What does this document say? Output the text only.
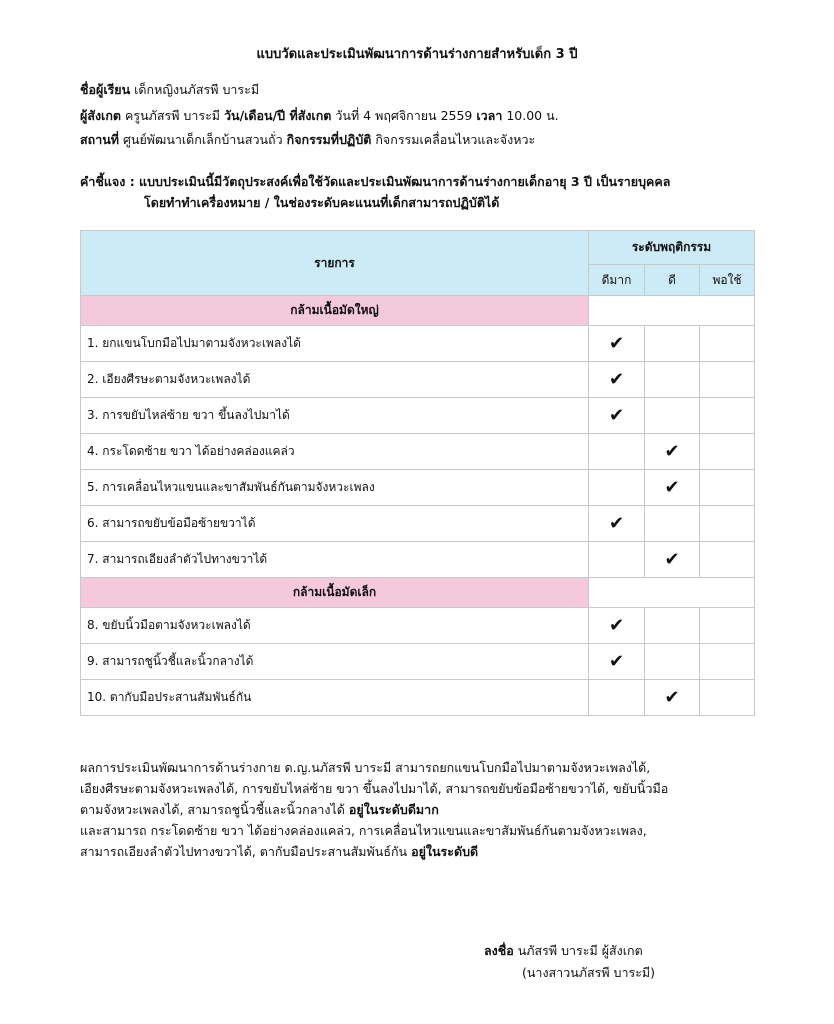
แบบวัดและประเมินพัฒนาการด้านร่างกายสำหรับเด็ก 3 ปี
ชื่อผู้เรียน เด็กหญิงนภัสรพี บาระมี
ผู้สังเกต ครูนภัสรพี บาระมี วัน/เดือน/ปี ที่สังเกต วันที่ 4 พฤศจิกายน 2559 เวลา 10.00 น.
สถานที่ ศูนย์พัฒนาเด็กเล็กบ้านสวนถั่ว กิจกรรมที่ปฏิบัติ กิจกรรมเคลื่อนไหวและจังหวะ
คำชี้แจง : แบบประเมินนี้มีวัตถุประสงค์เพื่อใช้วัดและประเมินพัฒนาการด้านร่างกายเด็กอายุ 3 ปี เป็นรายบุคคล
โดยทำทำเครื่องหมาย / ในช่องระดับคะแนนที่เด็กสามารถปฏิบัติได้
รายการ	ระดับพฤติกรรม		
	ดีมาก	ดี	พอใช้
กล้ามเนื้อมัดใหญ่			
1. ยกแขนโบกมือไปมาตามจังหวะเพลงได้	✔		
2. เอียงศีรษะตามจังหวะเพลงได้	✔		
3. การขยับไหล่ซ้าย ขวา ขึ้นลงไปมาได้	✔		
4. กระโดดซ้าย ขวา ได้อย่างคล่องแคล่ว		✔	
5. การเคลื่อนไหวแขนและขาสัมพันธ์กันตามจังหวะเพลง		✔	
6. สามารถขยับข้อมือซ้ายขวาได้	✔		
7. สามารถเอียงลำตัวไปทางขวาได้		✔	
กล้ามเนื้อมัดเล็ก			
8. ขยับนิ้วมือตามจังหวะเพลงได้	✔		
9. สามารถชูนิ้วชี้และนิ้วกลางได้	✔		
10. ตากับมือประสานสัมพันธ์กัน		✔	

ผลการประเมินพัฒนาการด้านร่างกาย ด.ญ.นภัสรพี บาระมี สามารถยกแขนโบกมือไปมาตามจังหวะเพลงได้,

เอียงศีรษะตามจังหวะเพลงได้, การขยับไหล่ซ้าย ขวา ขึ้นลงไปมาได้, สามารถขยับข้อมือซ้ายขวาได้, ขยับนิ้วมือ

ตามจังหวะเพลงได้, สามารถชูนิ้วชี้และนิ้วกลางได้ อยู่ในระดับดีมาก

และสามารถ กระโดดซ้าย ขวา ได้อย่างคล่องแคล่ว, การเคลื่อนไหวแขนและขาสัมพันธ์กันตามจังหวะเพลง,

สามารถเอียงลำตัวไปทางขวาได้, ตากับมือประสานสัมพันธ์กัน อยู่ในระดับดี

ลงชื่อ นภัสรพี บาระมี ผู้สังเกต
(นางสาวนภัสรพี บาระมี)
